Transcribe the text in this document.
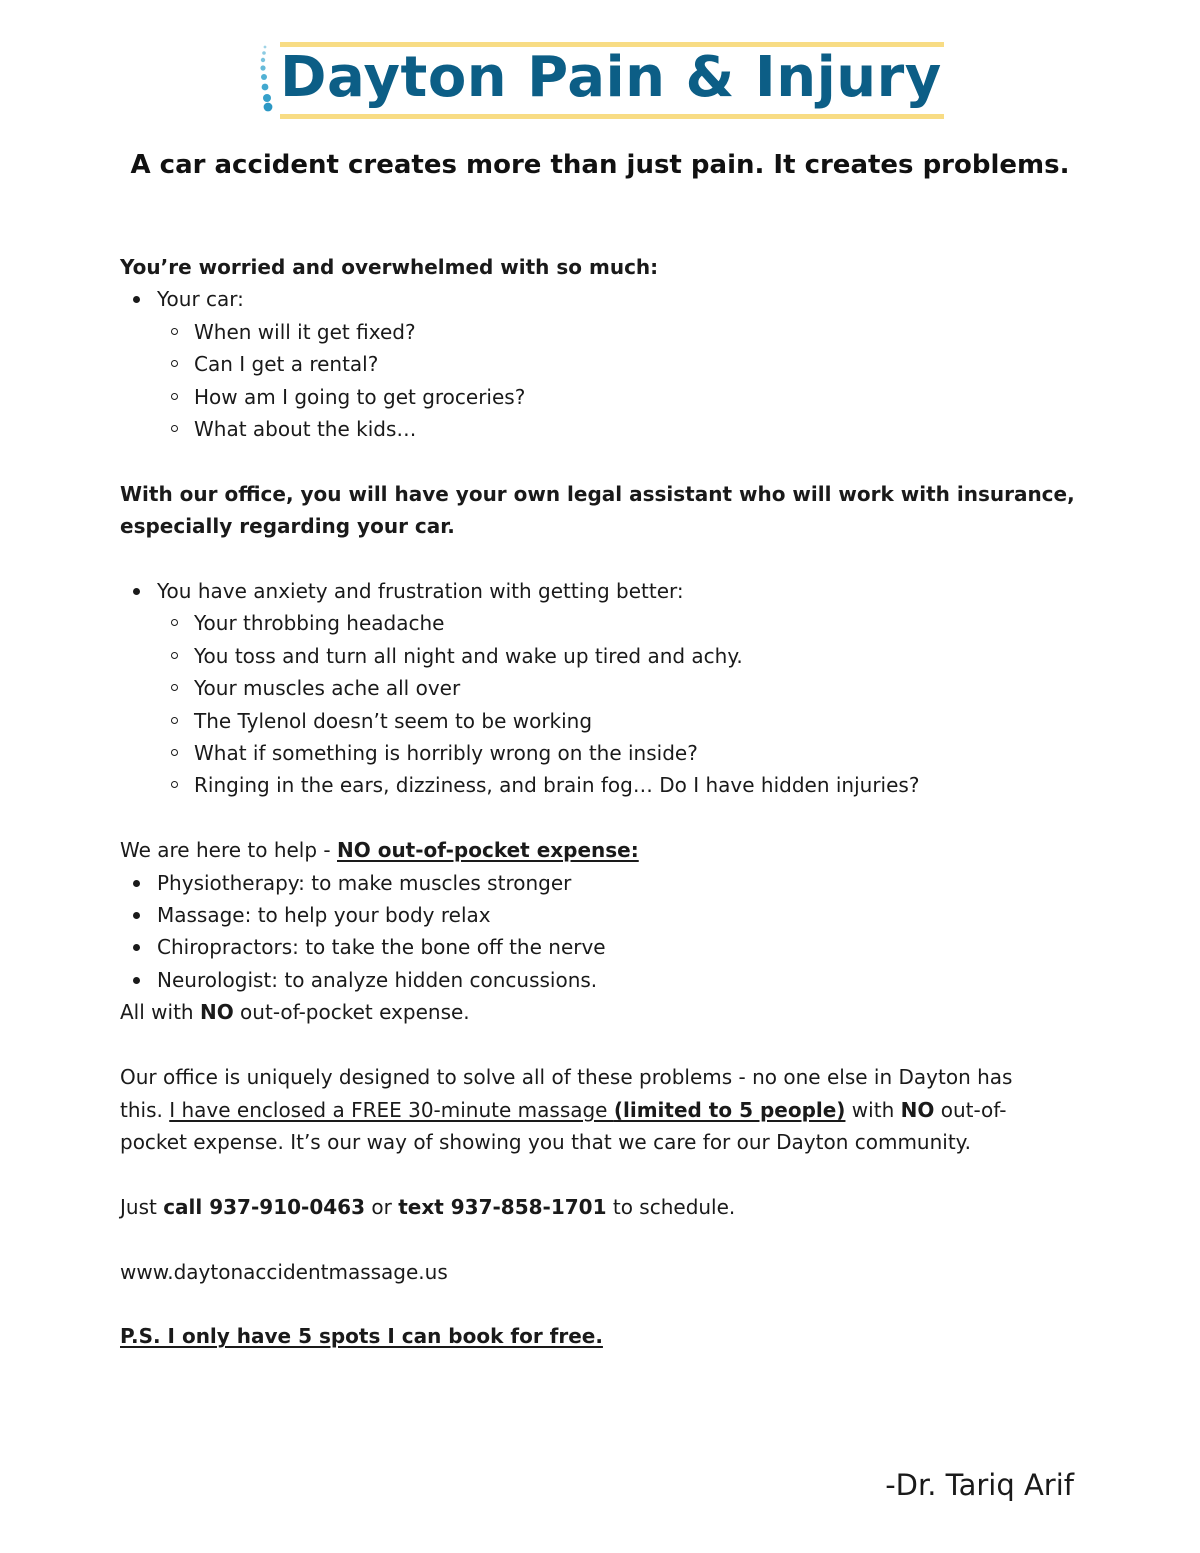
Dayton Pain & Injury
A car accident creates more than just pain. It creates problems.

You’re worried and overwhelmed with so much:

Your car:
When will it get fixed?
Can I get a rental?
How am I going to get groceries?
What about the kids…

With our office, you will have your own legal assistant who will work with insurance,

especially regarding your car.

You have anxiety and frustration with getting better:
Your throbbing headache
You toss and turn all night and wake up tired and achy.
Your muscles ache all over
The Tylenol doesn’t seem to be working
What if something is horribly wrong on the inside?
Ringing in the ears, dizziness, and brain fog… Do I have hidden injuries?

We are here to help - NO out-of-pocket expense:

Physiotherapy: to make muscles stronger
Massage: to help your body relax
Chiropractors: to take the bone off the nerve
Neurologist: to analyze hidden concussions.

All with NO out-of-pocket expense.

Our office is uniquely designed to solve all of these problems - no one else in Dayton has

this. I have enclosed a FREE 30-minute massage (limited to 5 people) with NO out-of-

pocket expense. It’s our way of showing you that we care for our Dayton community.

Just call 937-910-0463 or text 937-858-1701 to schedule.

www.daytonaccidentmassage.us

P.S. I only have 5 spots I can book for free.

-Dr. Tariq Arif
